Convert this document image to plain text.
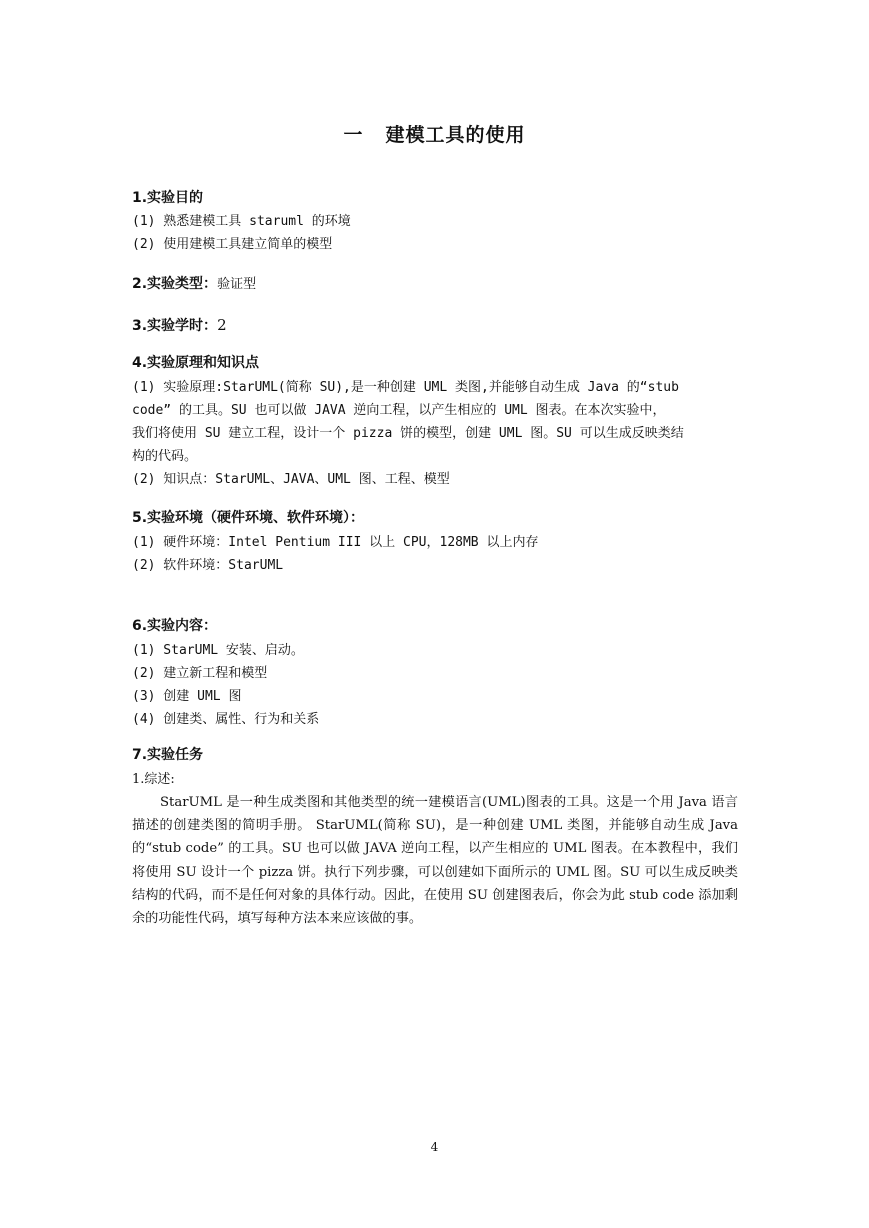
一 建模工具的使用
1.实验目的
(1) 熟悉建模工具 staruml 的环境
(2) 使用建模工具建立简单的模型
2.实验类型：验证型
3.实验学时：2
4.实验原理和知识点
(1) 实验原理:StarUML(简称 SU),是一种创建 UML 类图,并能够自动生成 Java 的“stub
code” 的工具。SU 也可以做 JAVA 逆向工程，以产生相应的 UML 图表。在本次实验中，
我们将使用 SU 建立工程，设计一个 pizza 饼的模型，创建 UML 图。SU 可以生成反映类结
构的代码。
(2) 知识点：StarUML、JAVA、UML 图、工程、模型
5.实验环境（硬件环境、软件环境）：
(1) 硬件环境：Intel Pentium III 以上 CPU，128MB 以上内存
(2) 软件环境：StarUML
6.实验内容：
(1) StarUML 安装、启动。
(2) 建立新工程和模型
(3) 创建 UML 图
(4) 创建类、属性、行为和关系
7.实验任务
1.综述:
StarUML 是一种生成类图和其他类型的统一建模语言(UML)图表的工具。这是一个用 Java 语言描述的创建类图的简明手册。 StarUML(简称 SU)，是一种创建 UML 类图，并能够自动生成 Java 的“stub code” 的工具。SU 也可以做 JAVA 逆向工程，以产生相应的 UML 图表。在本教程中，我们将使用 SU 设计一个 pizza 饼。执行下列步骤，可以创建如下面所示的 UML 图。SU 可以生成反映类结构的代码，而不是任何对象的具体行动。因此，在使用 SU 创建图表后，你会为此 stub code 添加剩余的功能性代码，填写每种方法本来应该做的事。
4
